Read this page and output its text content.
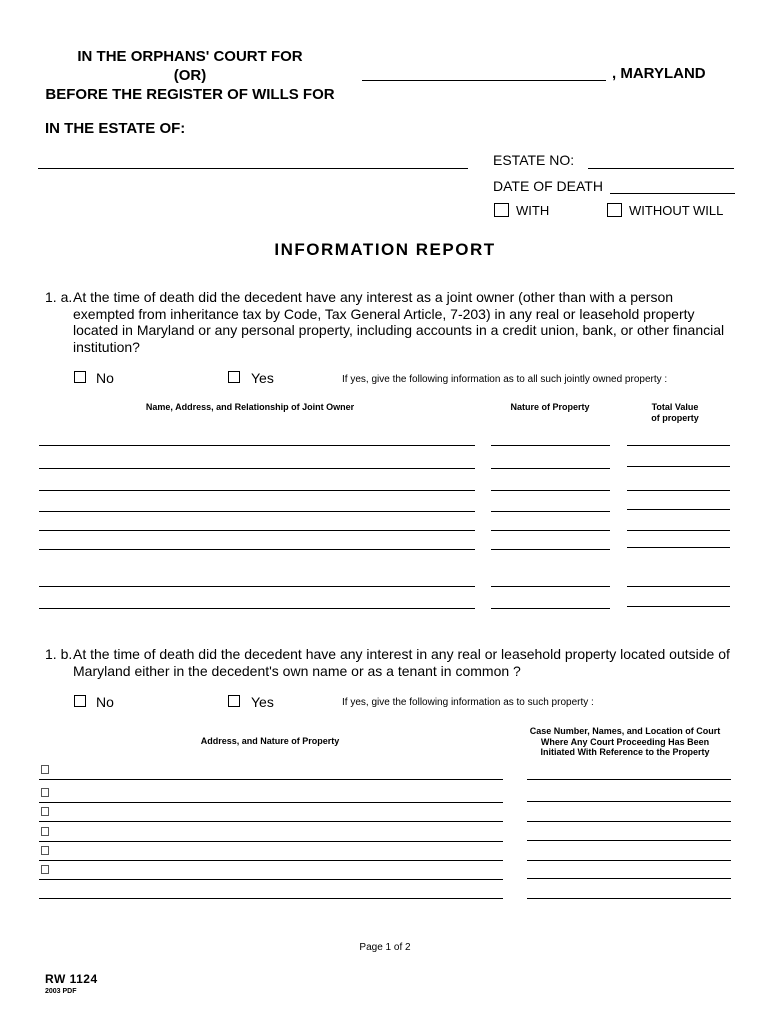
IN THE ORPHANS' COURT FOR
(OR)
BEFORE THE REGISTER OF WILLS FOR
, MARYLAND
IN THE ESTATE OF:
ESTATE NO:
DATE OF DEATH
WITH	WITHOUT WILL
INFORMATION REPORT
1. a. At the time of death did the decedent have any interest as a joint owner (other than with a person
exempted from inheritance tax by Code, Tax General Article, 7-203) in any real or leasehold property
located in Maryland or any personal property, including accounts in a credit union, bank, or other financial
institution?
No	Yes	If yes, give the following information as to all such jointly owned property :
Name, Address, and Relationship of Joint Owner	Nature of Property	Total Value
of property
1. b. At the time of death did the decedent have any interest in any real or leasehold property located outside of
Maryland either in the decedent's own name or as a tenant in common ?
No	Yes	If yes, give the following information as to such property :
Address, and Nature of Property
Case Number, Names, and Location of Court
Where Any Court Proceeding Has Been
Initiated With Reference to the Property
Page 1 of 2
RW 1124
2003 PDF
